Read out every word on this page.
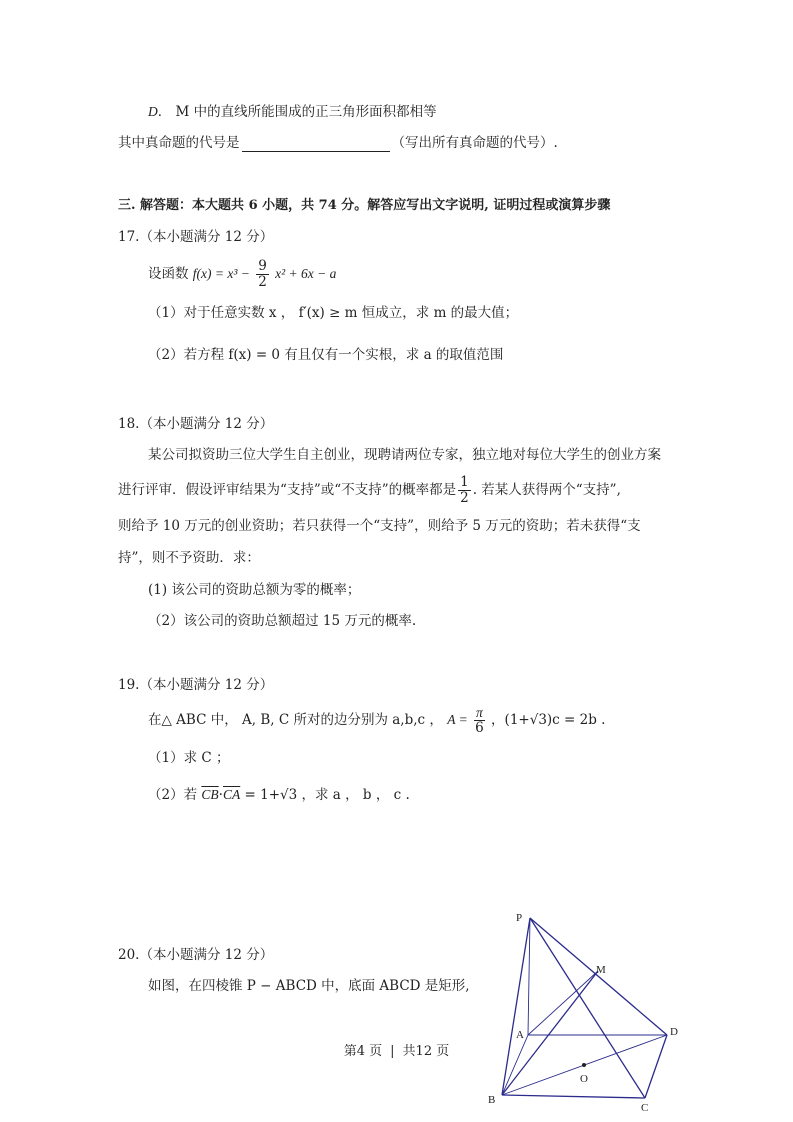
D． M 中的直线所能围成的正三角形面积都相等
其中真命题的代号是	（写出所有真命题的代号）.
三. 解答题：本大题共 6 小题，共 74 分。解答应写出文字说明, 证明过程或演算步骤
17.（本小题满分 12 分）
设函数 $f(x) = x^3 - \frac{9}{2} x^2 + 6x - a$
（1）对于任意实数 x ， f′(x) ≥ m 恒成立，求 m 的最大值；
（2）若方程 f(x) = 0 有且仅有一个实根，求 a 的取值范围
18.（本小题满分 12 分）
某公司拟资助三位大学生自主创业，现聘请两位专家，独立地对每位大学生的创业方案
进行评审．假设评审结果为“支持”或“不支持”的概率都是 $\frac{1}{2}$ . 若某人获得两个“支持”,
则给予 10 万元的创业资助；若只获得一个“支持”，则给予 5 万元的资助；若未获得“支
持”，则不予资助．求：
(1) 该公司的资助总额为零的概率；
（2）该公司的资助总额超过 15 万元的概率.
19.（本小题满分 12 分）
在△ ABC 中， A, B, C 所对的边分别为 a,b,c ， $A = \frac{\pi}{6}$ ，(1+√3)c = 2b .
（1）求 C ；
（2）若 $\overline{CB}\cdot\overline{CA} = 1+√3$ ，求 a ， b ， c .
20.（本小题满分 12 分）
如图，在四棱锥 P − ABCD 中，底面 ABCD 是矩形,
第4 页 | 共12 页
P
M
A	D
O
B
C
